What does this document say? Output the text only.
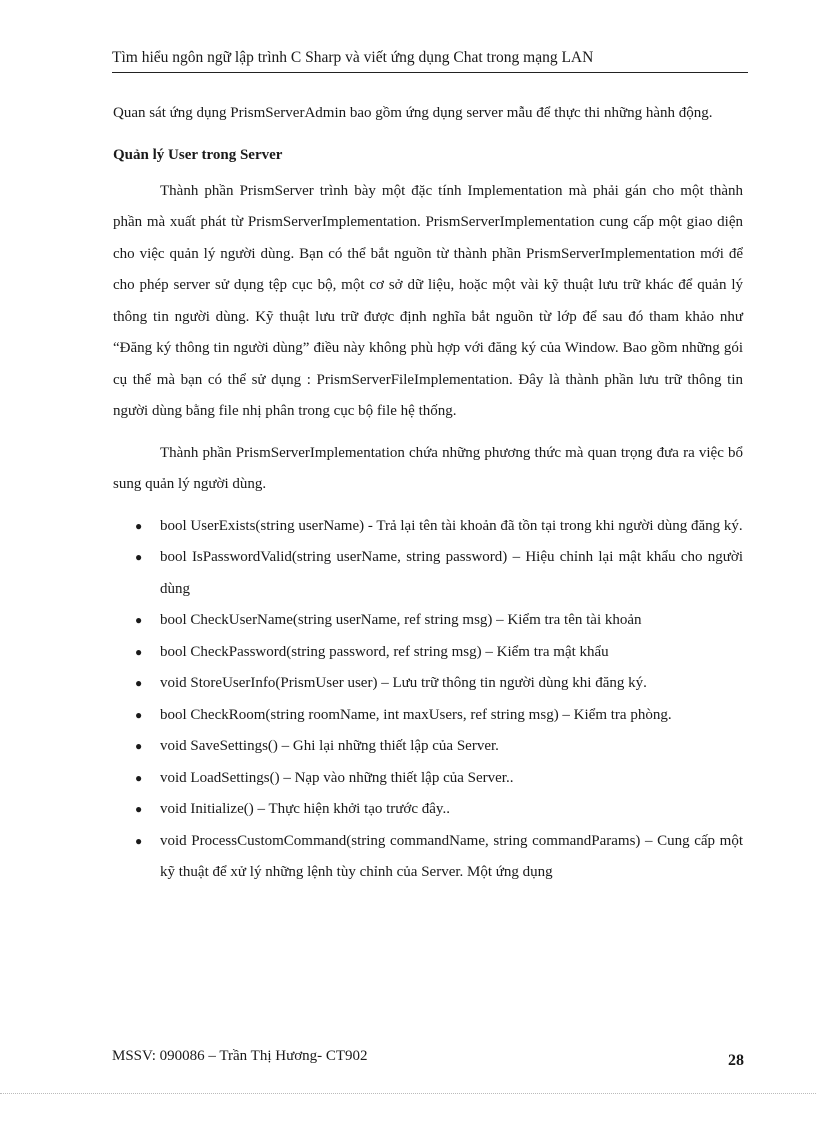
Tìm hiểu ngôn ngữ lập trình C Sharp và viết ứng dụng Chat trong mạng LAN

Quan sát ứng dụng PrismServerAdmin bao gồm ứng dụng server mẫu để thực thi những hành động.

Quản lý User trong Server

Thành phần PrismServer trình bày một đặc tính Implementation mà phải gán cho một thành phần mà xuất phát từ PrismServerImplementation. PrismServerImplementation cung cấp một giao diện cho việc quản lý người dùng. Bạn có thể bắt nguồn từ thành phần PrismServerImplementation mới để cho phép server sử dụng tệp cục bộ, một cơ sở dữ liệu, hoặc một vài kỹ thuật lưu trữ khác để quản lý thông tin người dùng. Kỹ thuật lưu trữ được định nghĩa bắt nguồn từ lớp để sau đó tham khảo như “Đăng ký thông tin người dùng” điều này không phù hợp với đăng ký của Window. Bao gồm những gói cụ thể mà bạn có thể sử dụng : PrismServerFileImplementation. Đây là thành phần lưu trữ thông tin người dùng bằng file nhị phân trong cục bộ file hệ thống.

Thành phần PrismServerImplementation chứa những phương thức mà quan trọng đưa ra việc bổ sung quản lý người dùng.

● bool UserExists(string userName) - Trả lại tên tài khoản đã tồn tại trong khi người dùng đăng ký.
● bool IsPasswordValid(string userName, string password) – Hiệu chỉnh lại mật khẩu cho người dùng
● bool CheckUserName(string userName, ref string msg) – Kiểm tra tên tài khoản
● bool CheckPassword(string password, ref string msg) – Kiểm tra mật khẩu
● void StoreUserInfo(PrismUser user) – Lưu trữ thông tin người dùng khi đăng ký.
● bool CheckRoom(string roomName, int maxUsers, ref string msg) – Kiểm tra phòng.
● void SaveSettings() – Ghi lại những thiết lập của Server.
● void LoadSettings() – Nạp vào những thiết lập của Server..
● void Initialize() – Thực hiện khởi tạo trước đây..
● void ProcessCustomCommand(string commandName, string commandParams) – Cung cấp một kỹ thuật để xử lý những lệnh tùy chỉnh của Server. Một ứng dụng
MSSV: 090086 – Trần Thị Hương- CT902	28
